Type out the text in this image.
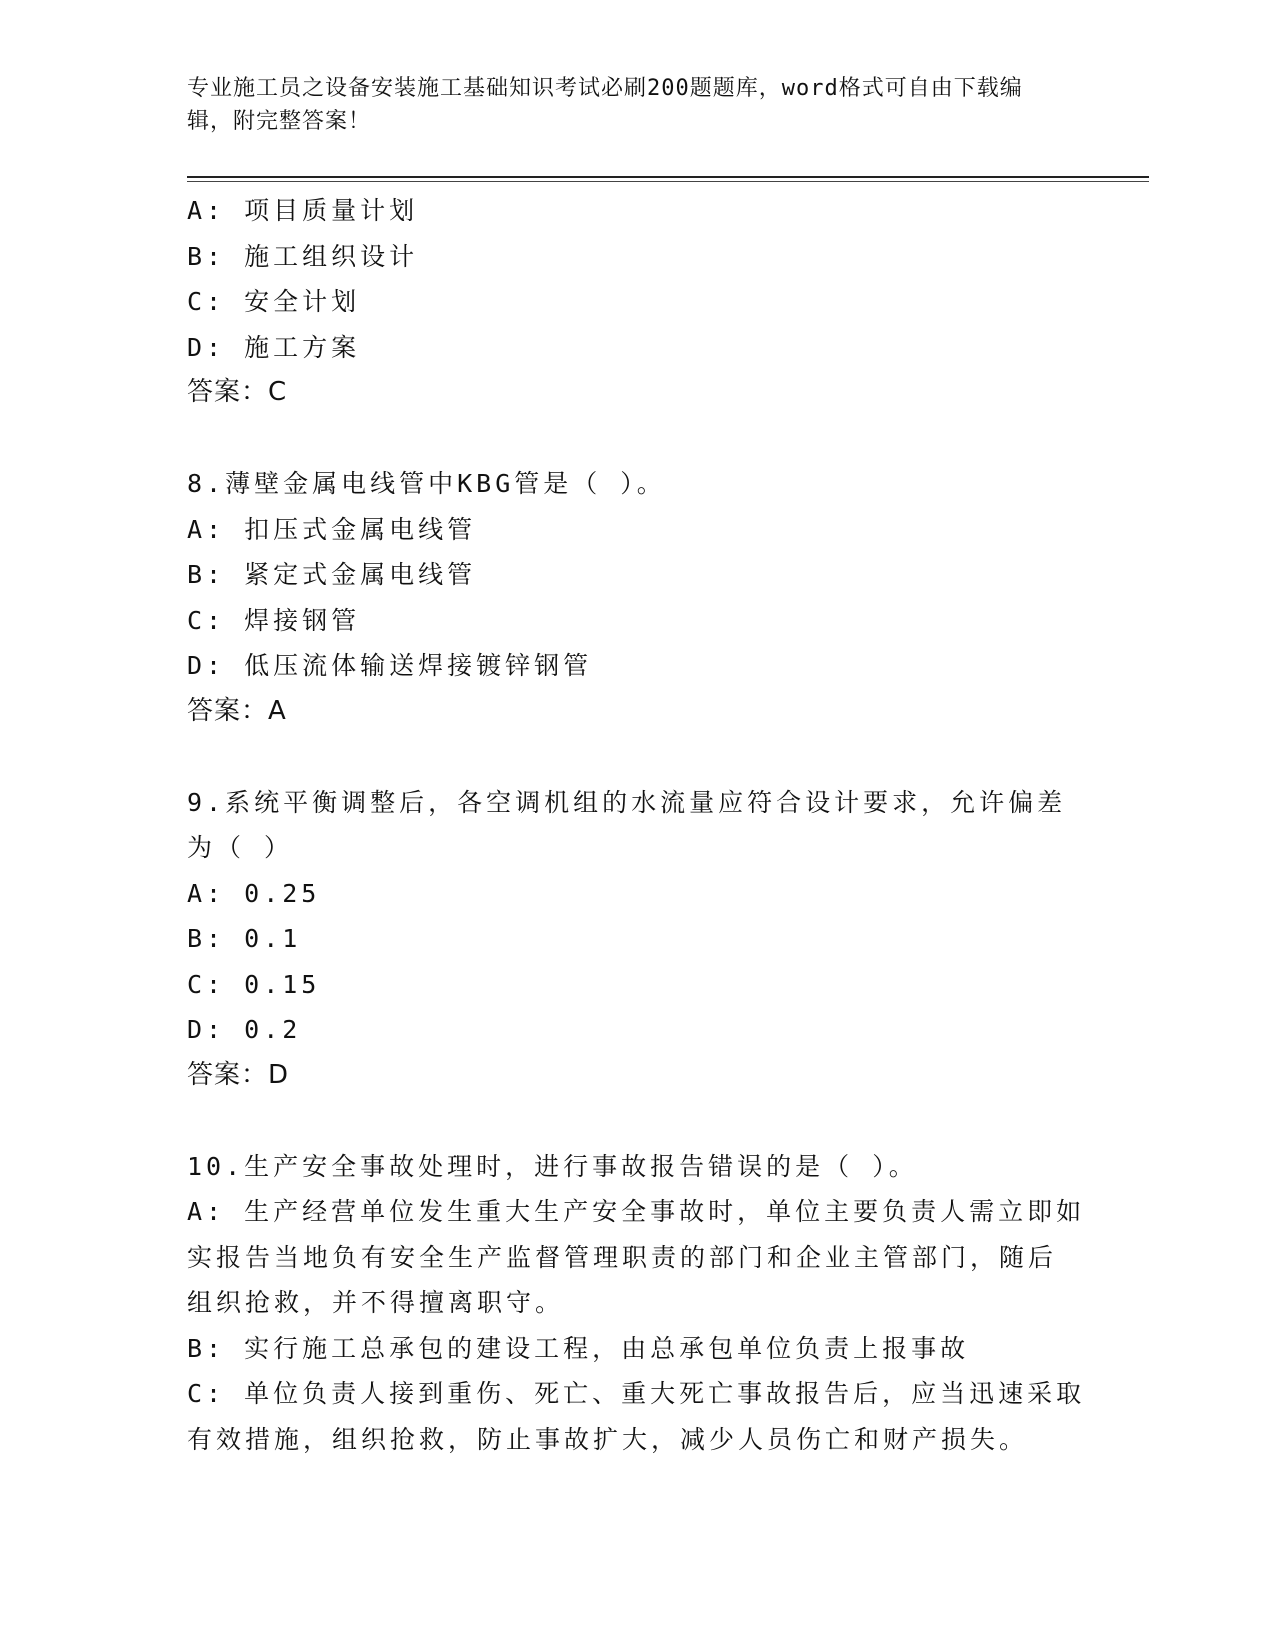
专业施工员之设备安装施工基础知识考试必刷200题题库，word格式可自由下载编辑，附完整答案！
A: 项目质量计划
B: 施工组织设计
C: 安全计划
D: 施工方案
答案：C
8.薄壁金属电线管中KBG管是（ ）。
A: 扣压式金属电线管
B: 紧定式金属电线管
C: 焊接钢管
D: 低压流体输送焊接镀锌钢管
答案：A
9.系统平衡调整后，各空调机组的水流量应符合设计要求，允许偏差
为（ ）
A: 0.25
B: 0.1
C: 0.15
D: 0.2
答案：D
10.生产安全事故处理时，进行事故报告错误的是（ ）。
A: 生产经营单位发生重大生产安全事故时，单位主要负责人需立即如
实报告当地负有安全生产监督管理职责的部门和企业主管部门，随后
组织抢救，并不得擅离职守。
B: 实行施工总承包的建设工程，由总承包单位负责上报事故
C: 单位负责人接到重伤、死亡、重大死亡事故报告后，应当迅速采取
有效措施，组织抢救，防止事故扩大，减少人员伤亡和财产损失。
